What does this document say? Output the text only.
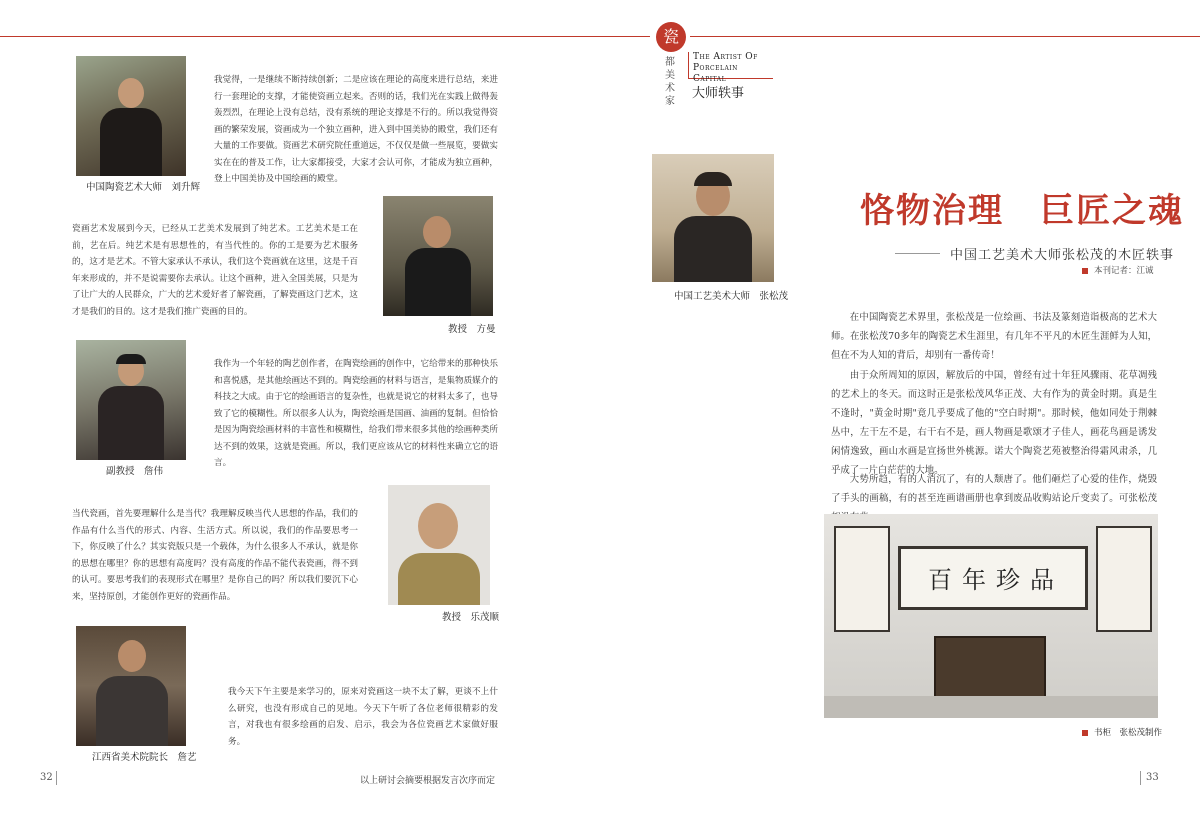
瓷
都
美
术
家
The Artist Of
Porcelain Capital
大师轶事
中国陶瓷艺术大师　刘升辉
我觉得，一是继续不断持续创新；二是应该在理论的高度来进行总结，来进行一套理论的支撑，才能使资画立起来。否则的话，我们光在实践上做得轰轰烈烈，在理论上没有总结，没有系统的理论支撑是不行的。所以我觉得资画的繁荣发展，资画成为一个独立画种，进入到中国美协的殿堂，我们还有大量的工作要做。资画艺术研究院任重道远，不仅仅是做一些展览，要做实实在在的普及工作，让大家都接受，大家才会认可你，才能成为独立画种，登上中国美协及中国绘画的殿堂。
瓷画艺术发展到今天，已经从工艺美术发展到了纯艺术。工艺美术是工在前，艺在后。纯艺术是有思想性的，有当代性的。你的工是要为艺术服务的，这才是艺术。不管大家承认不承认，我们这个瓷画就在这里，这是千百年来形成的，并不是说需要你去承认。让这个画种，进入全国美展，只是为了让广大的人民群众，广大的艺术爱好者了解瓷画，了解瓷画这门艺术，这才是我们的目的。这才是我们推广瓷画的目的。
教授　方曼
副教授　詹伟
我作为一个年轻的陶艺创作者，在陶瓷绘画的创作中，它给带来的那种快乐和喜悦感，是其他绘画达不到的。陶瓷绘画的材料与语言，是集物质媒介的科技之大成。由于它的绘画语言的复杂性，也就是说它的材料太多了，也导致了它的模糊性。所以很多人认为，陶瓷绘画是国画、油画的复制。但恰恰是因为陶瓷绘画材料的丰富性和模糊性，给我们带来很多其他的绘画种类所达不到的效果，这就是瓷画。所以，我们更应该从它的材料性来确立它的语言。
当代瓷画，首先要理解什么是当代？我理解反映当代人思想的作品，我们的作品有什么当代的形式、内容、生活方式。所以说，我们的作品要思考一下，你反映了什么？其实瓷版只是一个载体，为什么很多人不承认，就是你的思想在哪里？你的思想有高度吗？没有高度的作品不能代表瓷画，得不到的认可。要思考我们的表现形式在哪里？是你自己的吗？所以我们要沉下心来，坚持原创，才能创作更好的瓷画作品。
教授　乐茂顺
江西省美术院院长　詹艺
我今天下午主要是来学习的，原来对瓷画这一块不太了解，更谈不上什么研究，也没有形成自己的见地。今天下午听了各位老师很精彩的发言，对我也有很多绘画的启发、启示，我会为各位瓷画艺术家做好服务。
32	以上研讨会摘要根据发言次序而定
中国工艺美术大师　张松茂
恪物治理　巨匠之魂
中国工艺美术大师张松茂的木匠轶事
本刊记者：江诚
在中国陶瓷艺术界里，张松茂是一位绘画、书法及篆刻造诣极高的艺术大师。在张松茂70多年的陶瓷艺术生涯里，有几年不平凡的木匠生涯鲜为人知，但在不为人知的背后，却别有一番传奇！
由于众所周知的原因，解放后的中国，曾经有过十年狂风骤雨、花草凋残的艺术上的冬天。而这时正是张松茂风华正茂、大有作为的黄金时期。真是生不逢时，"黄金时期"竟几乎要成了他的"空白时期"。那时候，他如同处于荆棘丛中，左干左不是，右干右不是，画人物画是歌颂才子佳人，画花鸟画是诱发闲情逸致，画山水画是宣扬世外桃源。诺大个陶瓷艺苑被整治得霜风肃杀，几乎成了一片白茫茫的大地。
大势所趋，有的人消沉了，有的人颓唐了。他们砸烂了心爱的佳作，烧毁了手头的画稿，有的甚至连画谱画册也拿到废品收购站论斤变卖了。可张松茂
百年珍品
书柜　张松茂制作
33
